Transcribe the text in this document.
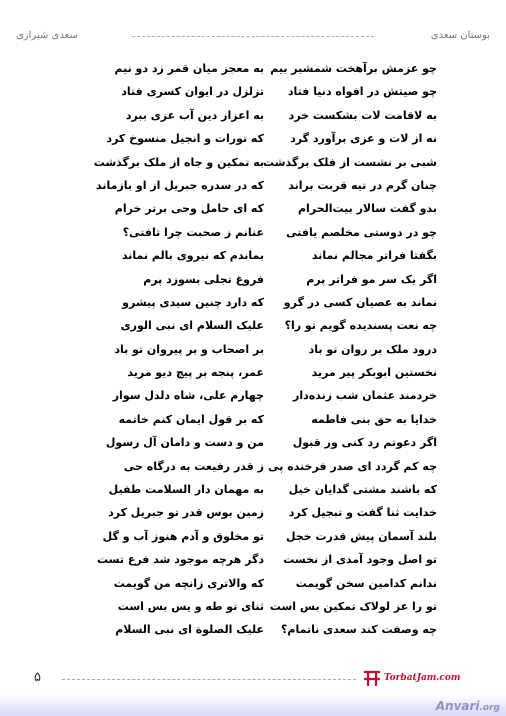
بوستان سعدی
سعدی شیرازی
چو عزمش برآهخت شمشیر بیم
به معجز میان قمر زد دو نیم
چو صیتش در افواه دنیا فتاد
تزلزل در ایوان کسری فتاد
به لاقامت لات بشکست خرد
به اعزاز دین آب عزی ببرد
نه از لات و عزی برآورد گرد
که تورات و انجیل منسوخ کرد
شبی بر نشست از فلک برگذشت
به تمکین و جاه از ملک برگذشت
چنان گرم در تیه قربت براند
که در سدره جبریل از او بازماند
بدو گفت سالار بیت‌الحرام
که ای حامل وحی برتر خرام
چو در دوستی مخلصم یافتی
عنانم ز صحبت چرا تافتی؟
بگفتا فراتر مجالم نماند
بماندم که نیروی بالم نماند
اگر یک سر مو فراتر پرم
فروغ تجلی بسوزد پرم
نماند به عصیان کسی در گرو
که دارد چنین سیدی پیشرو
چه نعت پسندیده گویم تو را؟
علیک السلام ای نبی الوری
درود ملک بر روان تو باد
بر اصحاب و بر پیروان تو باد
نخستین ابوبکر پیر مرید
عمر، پنجه بر پیچ دیو مرید
خردمند عثمان شب زنده‌دار
چهارم علی، شاه دلدل سوار
خدایا به حق بنی فاطمه
که بر قول ایمان کنم خاتمه
اگر دعوتم رد کنی ور قبول
من و دست و دامان آل رسول
چه کم گردد ای صدر فرخنده پی
ز قدر رفیعت به درگاه حی
که باشند مشتی گدایان خیل
به مهمان دار السلامت طفیل
خدایت ثنا گفت و تبجیل کرد
زمین بوس قدر تو جبریل کرد
بلند آسمان پیش قدرت خجل
تو مخلوق و آدم هنوز آب و گل
تو اصل وجود آمدی از نخست
دگر هرچه موجود شد فرع تست
ندانم کدامین سخن گویمت
که والاتری زانچه من گویمت
تو را عز لولاک تمکین بس است
ثنای تو طه و یس بس است
چه وصفت کند سعدی ناتمام؟
علیک الصلوة ای نبی السلام
۵	TorbatJam.com
Anvari.org
